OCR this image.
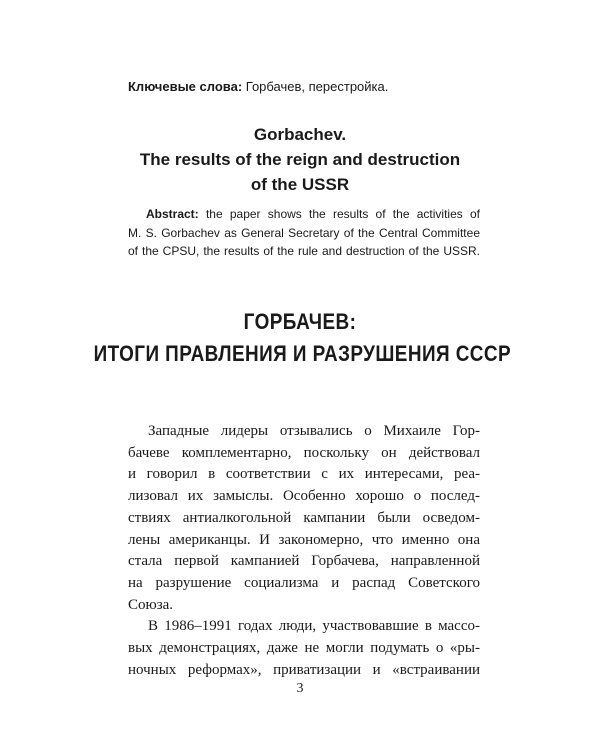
Ключевые слова: Горбачев, перестройка.
Gorbachev.
The results of the reign and destruction
of the USSR
Abstract: the paper shows the results of the activities of
M. S. Gorbachev as General Secretary of the Central Committee
of the CPSU, the results of the rule and destruction of the USSR.
ГОРБАЧЕВ:
ИТОГИ ПРАВЛЕНИЯ И РАЗРУШЕНИЯ СССР
Западные лидеры отзывались о Михаиле Гор-
бачеве комплементарно, поскольку он действовал
и говорил в соответствии с их интересами, реа-
лизовал их замыслы. Особенно хорошо о послед-
ствиях антиалкогольной кампании были осведом-
лены американцы. И закономерно, что именно она
стала первой кампанией Горбачева, направленной
на разрушение социализма и распад Советского
Союза.
В 1986–1991 годах люди, участвовавшие в массо-
вых демонстрациях, даже не могли подумать о «ры-
ночных реформах», приватизации и «встраивании
3
